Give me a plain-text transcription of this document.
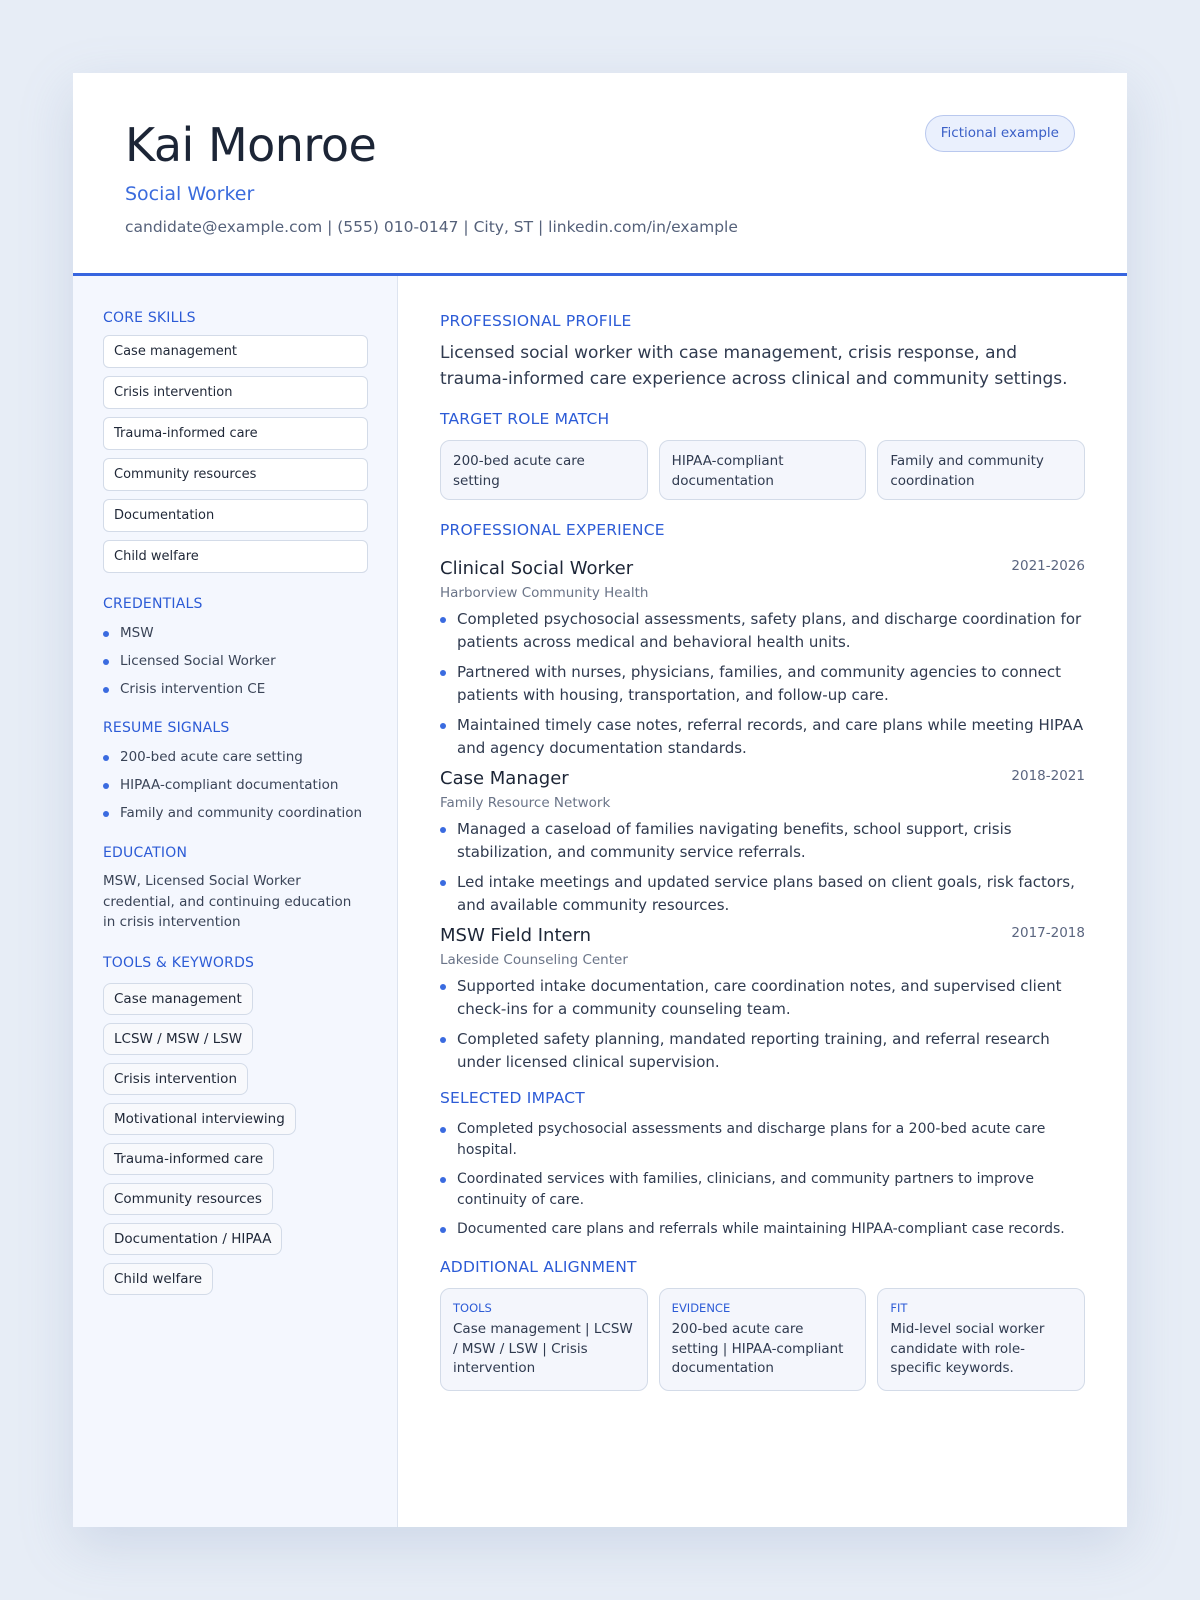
Kai Monroe
Social Worker
candidate@example.com | (555) 010-0147 | City, ST | linkedin.com/in/example
Fictional example
CORE SKILLS
Case management
Crisis intervention
Trauma-informed care
Community resources
Documentation
Child welfare
CREDENTIALS
MSW
Licensed Social Worker
Crisis intervention CE
RESUME SIGNALS
200-bed acute care setting
HIPAA-compliant documentation
Family and community coordination
EDUCATION
MSW, Licensed Social Worker credential, and continuing education in crisis intervention
TOOLS & KEYWORDS
Case management
LCSW / MSW / LSW
Crisis intervention
Motivational interviewing
Trauma-informed care
Community resources
Documentation / HIPAA
Child welfare
PROFESSIONAL PROFILE
Licensed social worker with case management, crisis response, and trauma-informed care experience across clinical and community settings.
TARGET ROLE MATCH
200-bed acute care setting
HIPAA-compliant documentation
Family and community coordination
PROFESSIONAL EXPERIENCE
Clinical Social Worker	2021-2026
Harborview Community Health
Completed psychosocial assessments, safety plans, and discharge coordination for patients across medical and behavioral health units.
Partnered with nurses, physicians, families, and community agencies to connect patients with housing, transportation, and follow-up care.
Maintained timely case notes, referral records, and care plans while meeting HIPAA and agency documentation standards.
Case Manager	2018-2021
Family Resource Network
Managed a caseload of families navigating benefits, school support, crisis stabilization, and community service referrals.
Led intake meetings and updated service plans based on client goals, risk factors, and available community resources.
MSW Field Intern	2017-2018
Lakeside Counseling Center
Supported intake documentation, care coordination notes, and supervised client check-ins for a community counseling team.
Completed safety planning, mandated reporting training, and referral research under licensed clinical supervision.
SELECTED IMPACT
Completed psychosocial assessments and discharge plans for a 200-bed acute care hospital.
Coordinated services with families, clinicians, and community partners to improve continuity of care.
Documented care plans and referrals while maintaining HIPAA-compliant case records.
ADDITIONAL ALIGNMENT
TOOLS
Case management | LCSW / MSW / LSW | Crisis intervention
EVIDENCE
200-bed acute care setting | HIPAA-compliant documentation
FIT
Mid-level social worker candidate with role-specific keywords.
